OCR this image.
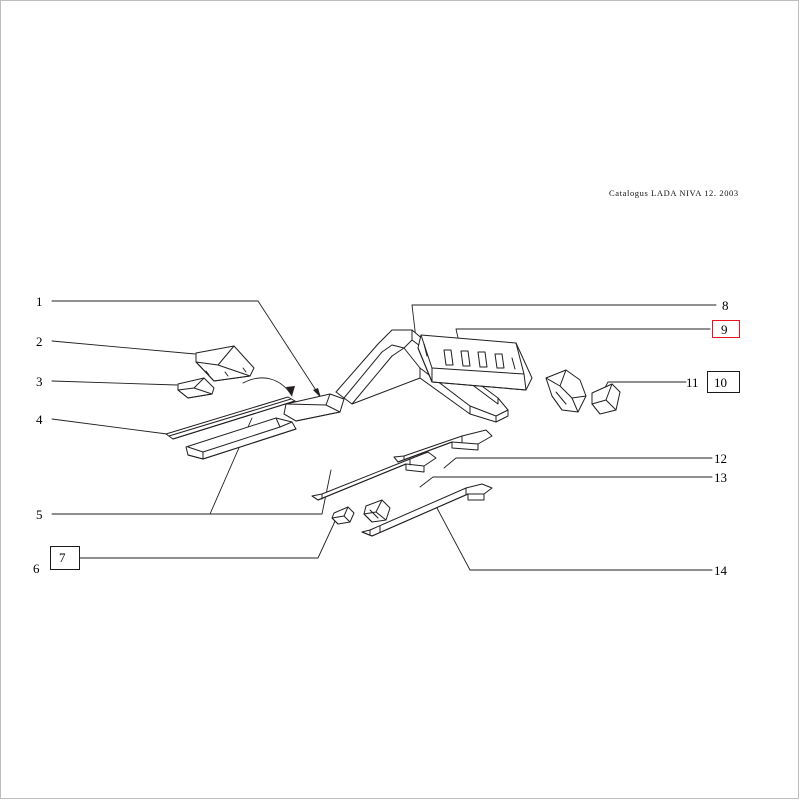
Catalogus LADA NIVA 12. 2003
1
2
3
4
5
6
7
8
9
10
11
12
13
14
